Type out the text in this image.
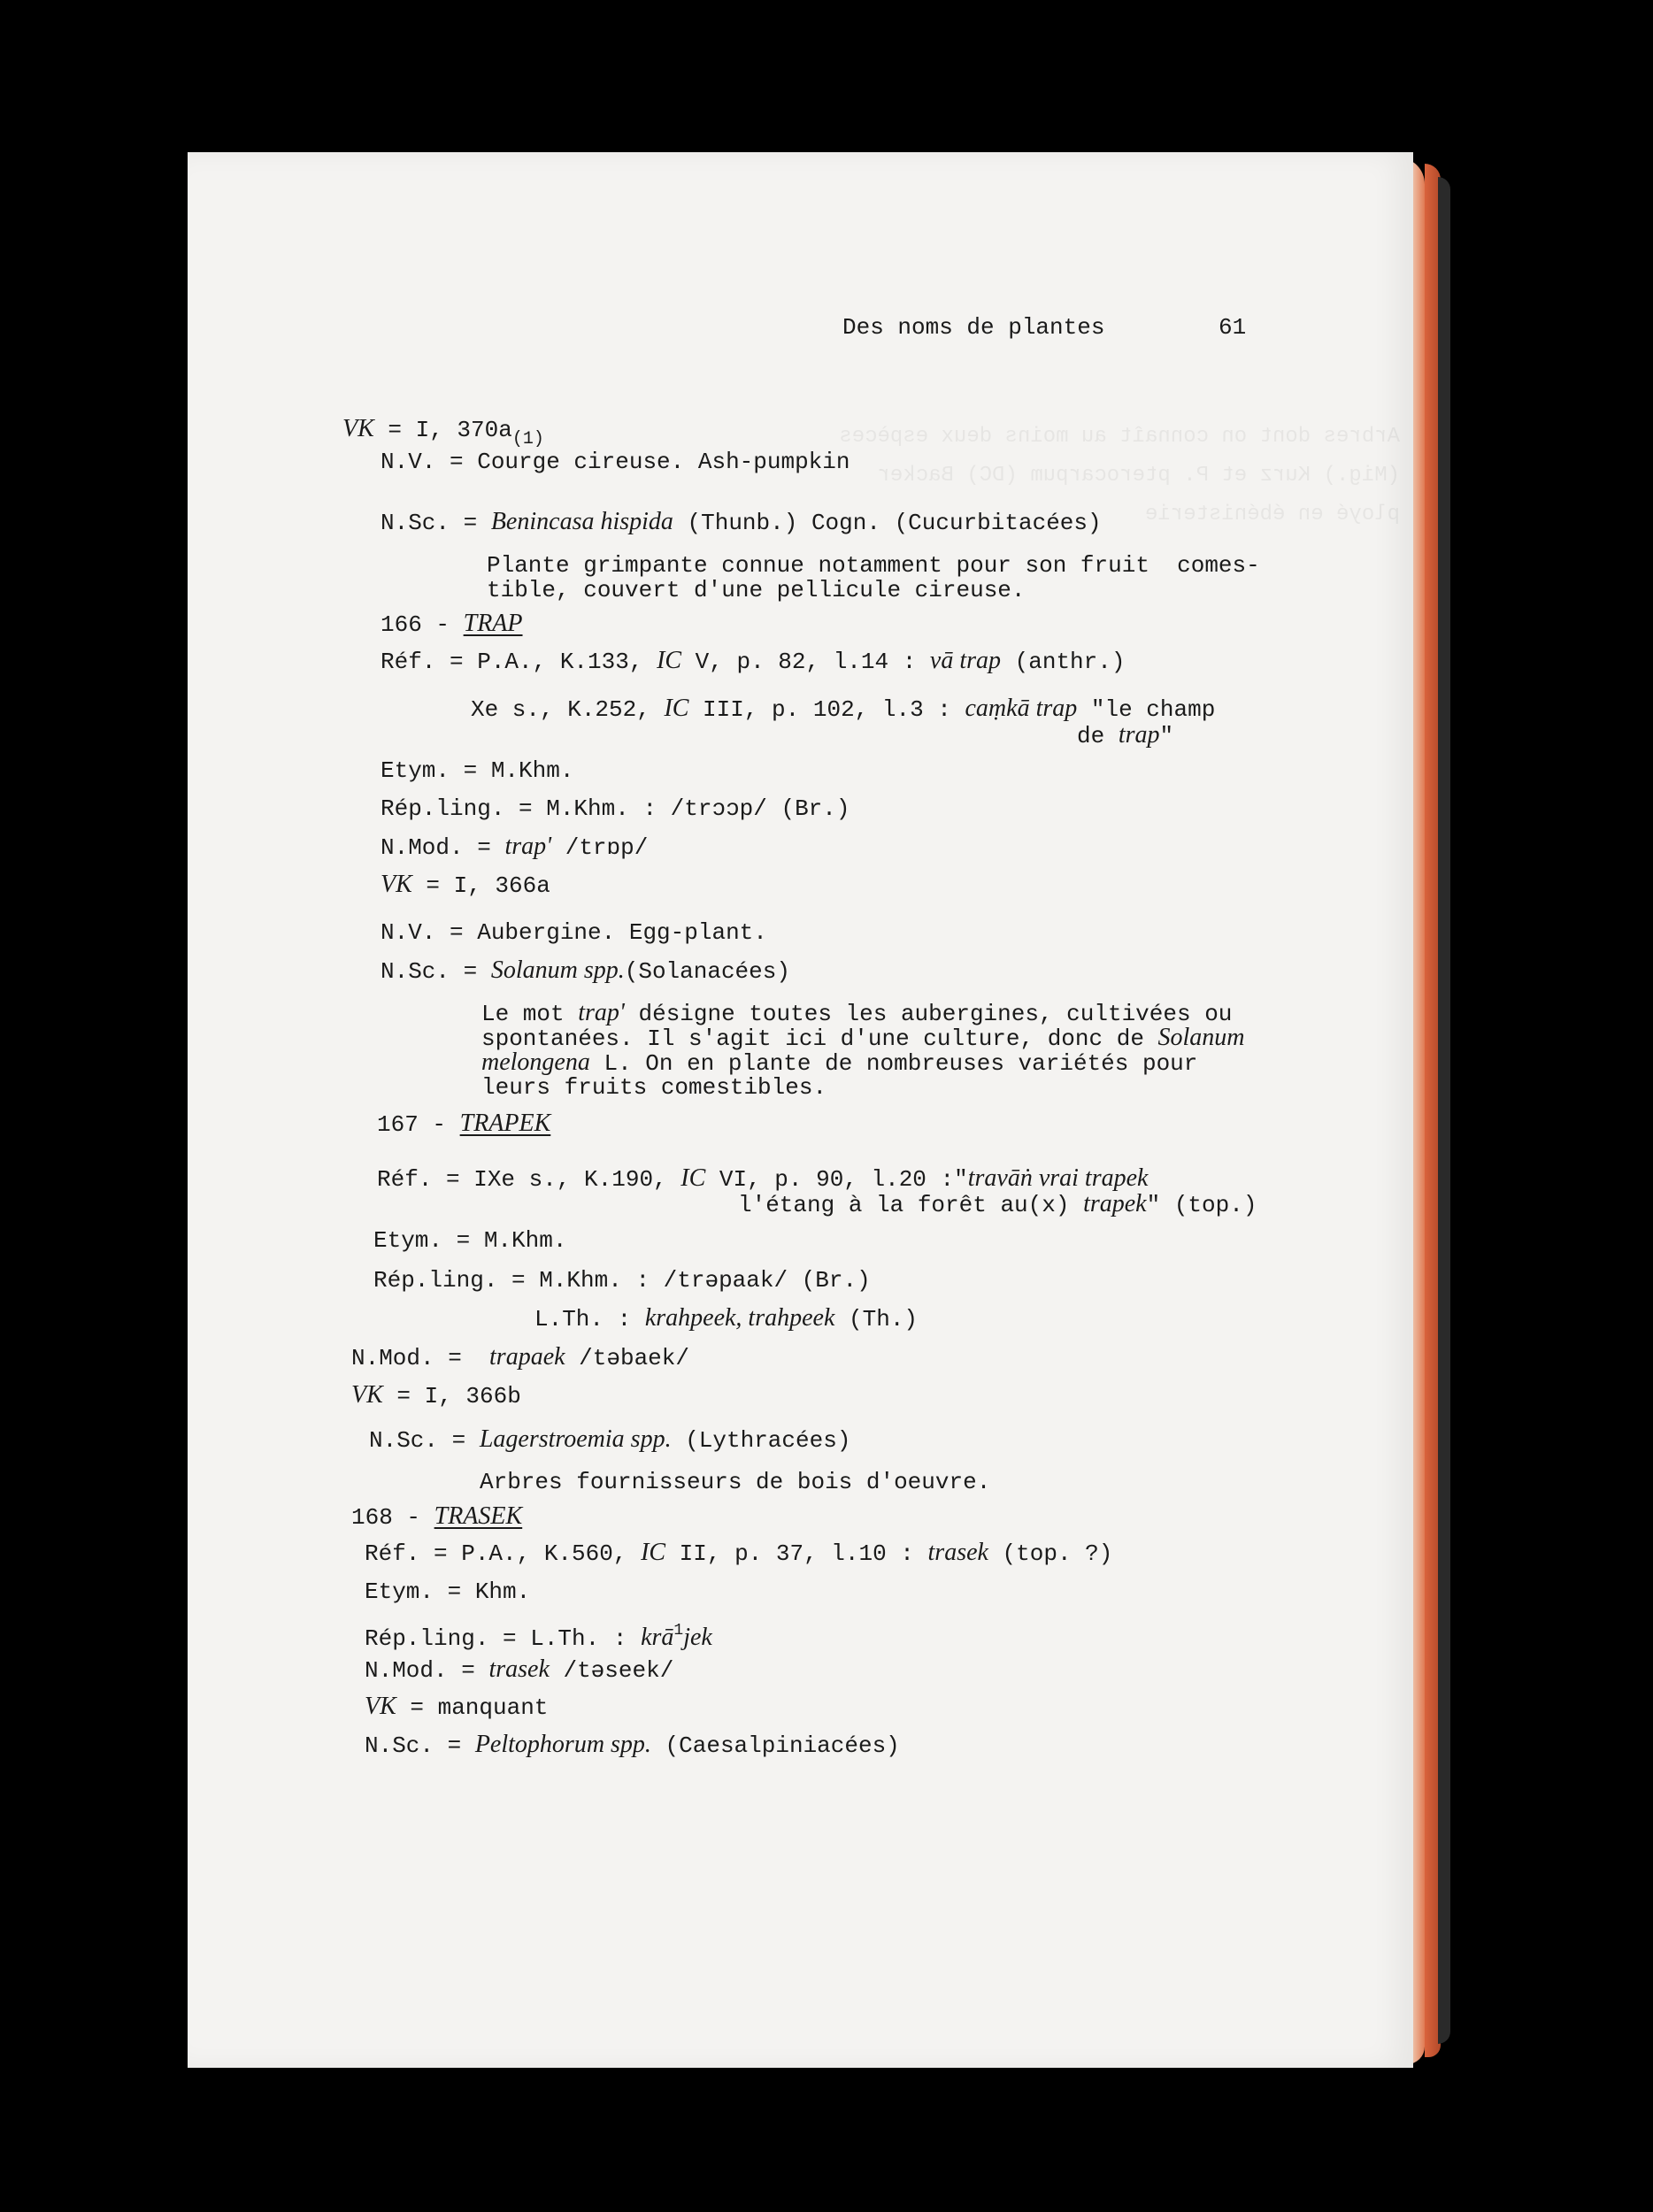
Arbres dont on connaît au moins deux espèces
(Mig.) Kurz et P. pterocarpum (DC) Backer
ployé en ébénisterie
Des noms de plantes	61
VK = I, $370a_{(1)}$
N.V. = Courge cireuse. Ash-pumpkin
N.Sc. = Benincasa hispida (Thunb.) Cogn. (Cucurbitacées)
Plante grimpante connue notamment pour son fruit  comes-
tible, couvert d'une pellicule cireuse.
166 - TRAP
Réf. = P.A., K.133, IC V, p. 82, l.14 : vā trap (anthr.)
Xe s., K.252, IC III, p. 102, l.3 : caṃkā trap "le champ
de trap"
Etym. = M.Khm.
Rép.ling. = M.Khm. : /trɔɔp/ (Br.)
N.Mod. = trap' /trɒp/
VK = I, 366a
N.V. = Aubergine. Egg-plant.
N.Sc. = Solanum spp.(Solanacées)
Le mot trap' désigne toutes les aubergines, cultivées ou
spontanées. Il s'agit ici d'une culture, donc de Solanum
melongena L. On en plante de nombreuses variétés pour
leurs fruits comestibles.
167 - TRAPEK
Réf. = IXe s., K.190, IC VI, p. 90, l.20 :"travāṅ vrai trapek
l'étang à la forêt au(x) trapek" (top.)
Etym. = M.Khm.
Rép.ling. = M.Khm. : /trəpaak/ (Br.)
L.Th. : krahpeek, trahpeek (Th.)
N.Mod. =  trapaek /təbaek/
VK = I, 366b
N.Sc. = Lagerstroemia spp. (Lythracées)
Arbres fournisseurs de bois d'oeuvre.
168 - TRASEK
Réf. = P.A., K.560, IC II, p. 37, l.10 : trasek (top. ?)
Etym. = Khm.
Rép.ling. = L.Th. : krā$^1$jek
N.Mod. = trasek /təseek/
VK = manquant
N.Sc. = Peltophorum spp. (Caesalpiniacées)
